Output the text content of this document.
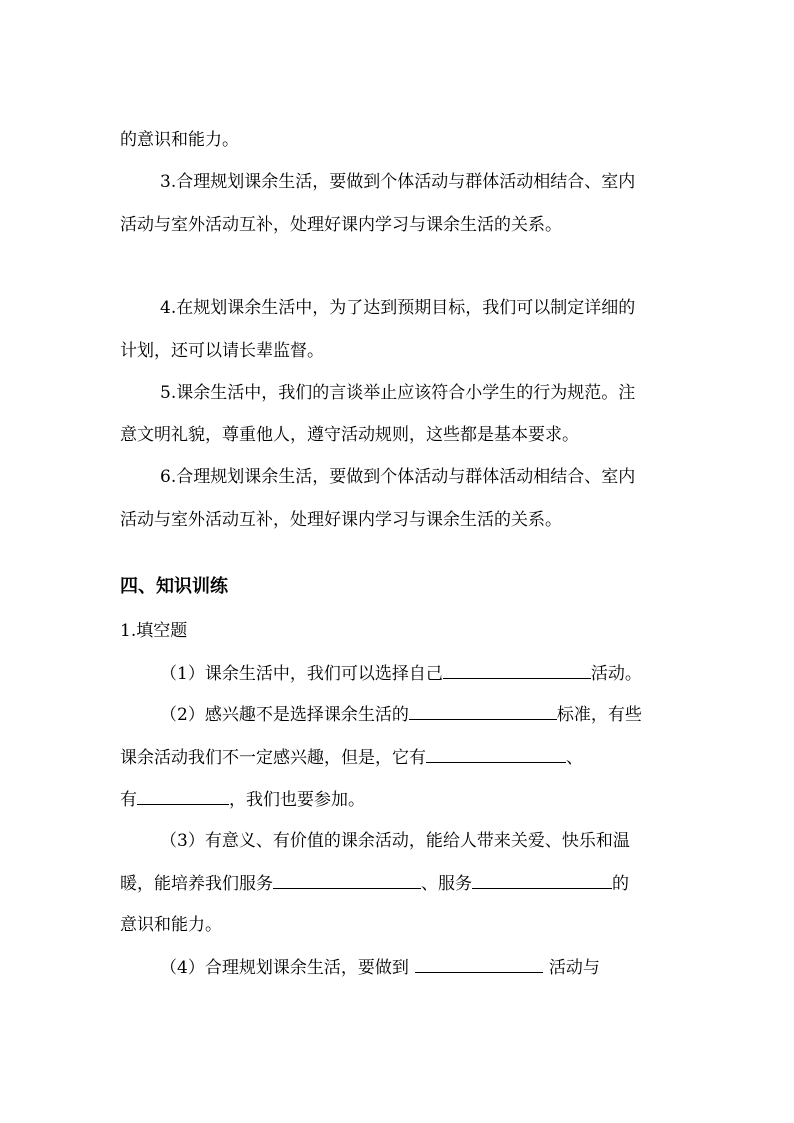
的意识和能力。
3.合理规划课余生活，要做到个体活动与群体活动相结合、室内
活动与室外活动互补，处理好课内学习与课余生活的关系。
4.在规划课余生活中，为了达到预期目标，我们可以制定详细的
计划，还可以请长辈监督。
5.课余生活中，我们的言谈举止应该符合小学生的行为规范。注
意文明礼貌，尊重他人，遵守活动规则，这些都是基本要求。
6.合理规划课余生活，要做到个体活动与群体活动相结合、室内
活动与室外活动互补，处理好课内学习与课余生活的关系。
四、知识训练
1.填空题
（1）课余生活中，我们可以选择自己	活动。
（2）感兴趣不是选择课余生活的	标准，有些
课余活动我们不一定感兴趣，但是，它有	、
有	，我们也要参加。
（3）有意义、有价值的课余活动，能给人带来关爱、快乐和温
暖，能培养我们服务	、服务	的
意识和能力。
（4）合理规划课余生活，要做到	活动与
